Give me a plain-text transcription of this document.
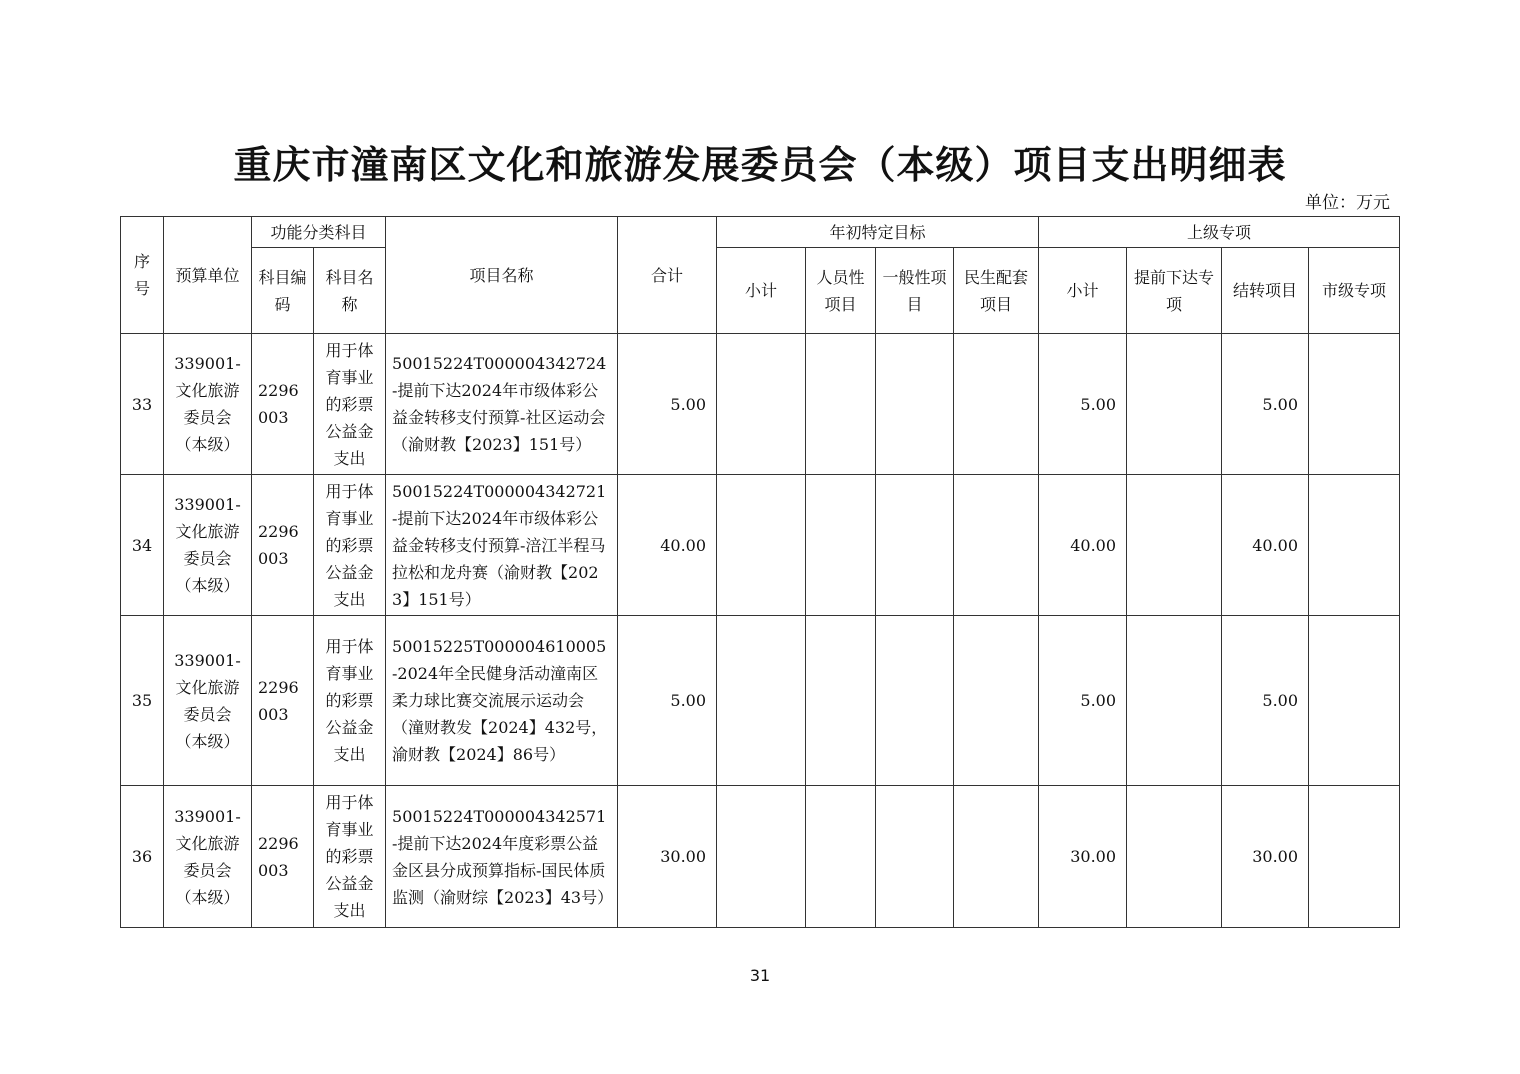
重庆市潼南区文化和旅游发展委员会（本级）项目支出明细表
单位：万元
序号	预算单位	功能分类科目		项目名称	合计	年初特定目标				上级专项			
		科目编码	科目名称			小计	人员性项目	一般性项目	民生配套项目	小计	提前下达专项	结转项目	市级专项
33	339001-文化旅游委员会（本级）	2296003	用于体育事业的彩票公益金支出	50015224T000004342724-提前下达2024年市级体彩公益金转移支付预算-社区运动会（渝财教【2023】151号）	5.00					5.00		5.00	
34	339001-文化旅游委员会（本级）	2296003	用于体育事业的彩票公益金支出	50015224T000004342721-提前下达2024年市级体彩公益金转移支付预算-涪江半程马拉松和龙舟赛（渝财教【2023】151号）	40.00					40.00		40.00	
35	339001-文化旅游委员会（本级）	2296003	用于体育事业的彩票公益金支出	50015225T000004610005-2024年全民健身活动潼南区柔力球比赛交流展示运动会（潼财教发【2024】432号，渝财教【2024】86号）	5.00					5.00		5.00	
36	339001-文化旅游委员会（本级）	2296003	用于体育事业的彩票公益金支出	50015224T000004342571-提前下达2024年度彩票公益金区县分成预算指标-国民体质监测（渝财综【2023】43号）	30.00					30.00		30.00	
31
